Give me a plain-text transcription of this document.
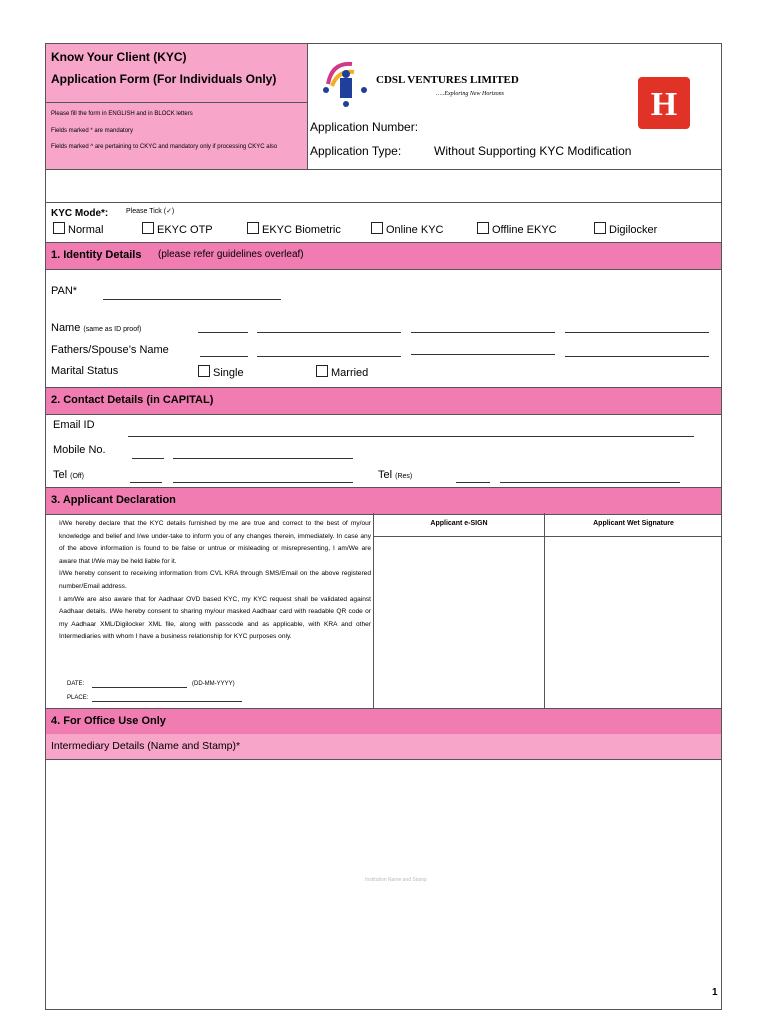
Know Your Client (KYC)
Application Form (For Individuals Only)
Please fill the form in ENGLISH and in BLOCK letters
Fields marked * are mandatory
Fields marked ^ are pertaining to CKYC and mandatory only if processing CKYC also
CDSL VENTURES LIMITED
…..Exploring New Horizons	H
Application Number:
Application Type:	Without Supporting KYC Modification
KYC Mode*:	Please Tick (✓)
Normal	EKYC OTP	EKYC Biometric	Online KYC	Offline EKYC	Digilocker
1. Identity Details (please refer guidelines overleaf)
PAN*
Name (same as ID proof)
Fathers/Spouse’s Name
Marital Status	Single	Married
2. Contact Details (in CAPITAL)
Email ID
Mobile No.
Tel (Off)	Tel (Res)
3. Applicant Declaration
I/We hereby declare that the KYC details furnished by me are true and correct to the best of my/our knowledge and belief and I/we under-take to inform you of any changes therein, immediately. In case any of the above information is found to be false or untrue or misleading or misrepresenting, I am/We are aware that I/We may be held liable for it.
I/We hereby consent to receiving information from CVL KRA through SMS/Email on the above registered number/Email address.
I am/We are also aware that for Aadhaar OVD based KYC, my KYC request shall be validated against Aadhaar details. I/We hereby consent to sharing my/our masked Aadhaar card with readable QR code or my Aadhaar XML/Digilocker XML file, along with passcode and as applicable, with KRA and other Intermediaries with whom I have a business relationship for KYC purposes only.
DATE:	(DD-MM-YYYY)
PLACE:
Applicant e-SIGN	Applicant Wet Signature
4. For Office Use Only
Intermediary Details (Name and Stamp)*
Institution Name and Stamp
1
